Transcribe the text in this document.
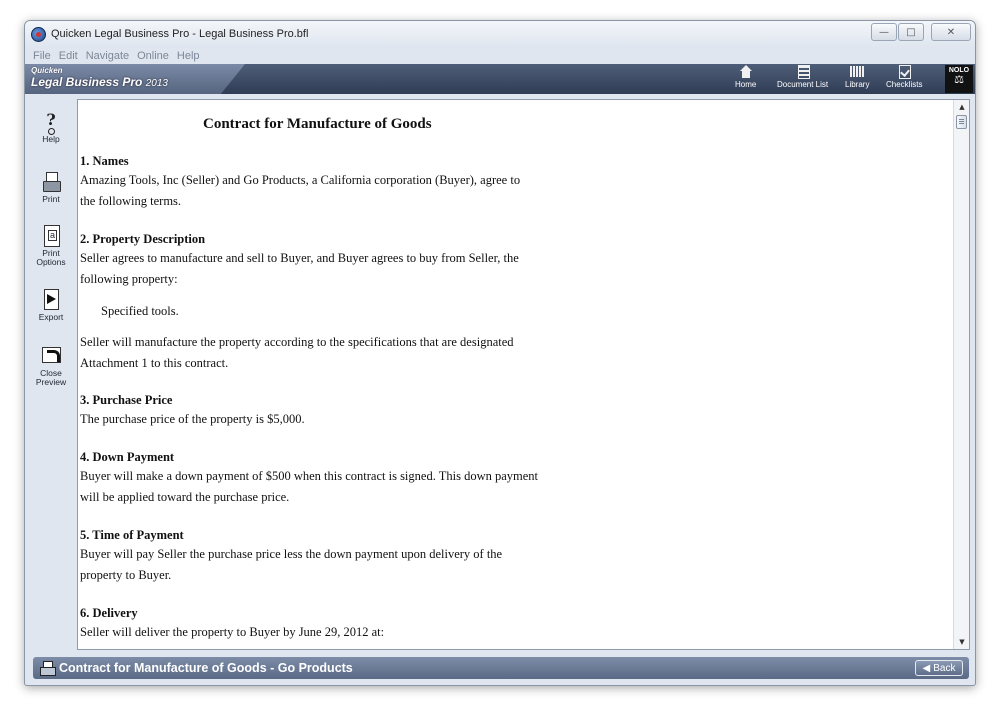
Quicken Legal Business Pro - Legal Business Pro.bfl	—	□	✕
File Edit Navigate Online Help
Quicken
Legal Business Pro 2013	Home	Document List Library Checklists
NOLO
⚖
?
Help
Print
a
Print
Options
Export
Close
Preview
Contract for Manufacture of Goods
1. Names
Amazing Tools, Inc (Seller) and Go Products, a California corporation (Buyer), agree to
the following terms.
2. Property Description
Seller agrees to manufacture and sell to Buyer, and Buyer agrees to buy from Seller, the
following property:
Specified tools.
Seller will manufacture the property according to the specifications that are designated
Attachment 1 to this contract.
3. Purchase Price
The purchase price of the property is $5,000.
4. Down Payment
Buyer will make a down payment of $500 when this contract is signed. This down payment
will be applied toward the purchase price.
5. Time of Payment
Buyer will pay Seller the purchase price less the down payment upon delivery of the
property to Buyer.
6. Delivery
Seller will deliver the property to Buyer by June 29, 2012 at:
▲
▼
Contract for Manufacture of Goods - Go Products	◀ Back
